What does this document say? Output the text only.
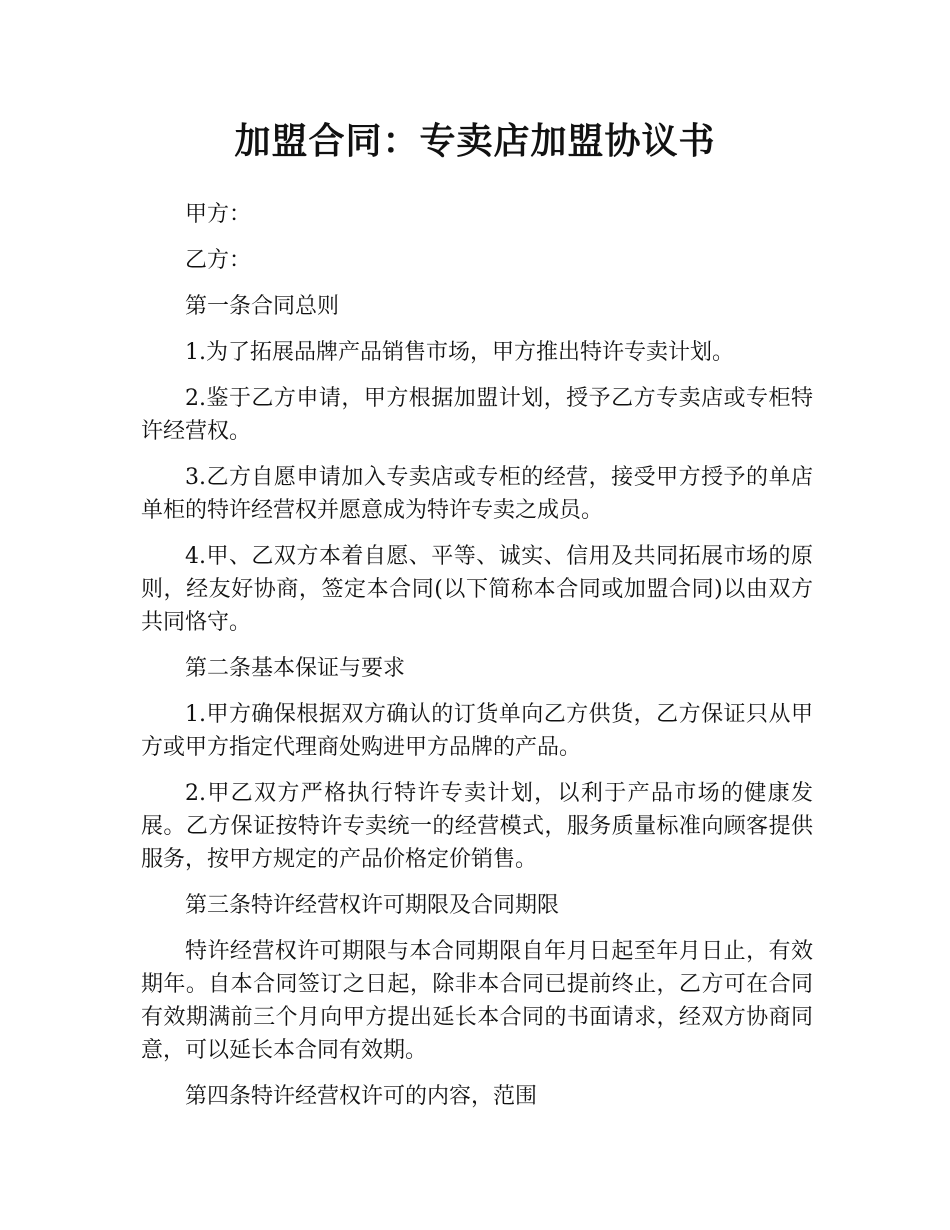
加盟合同：专卖店加盟协议书

甲方：

乙方：

第一条合同总则

1.为了拓展品牌产品销售市场，甲方推出特许专卖计划。

2.鉴于乙方申请，甲方根据加盟计划，授予乙方专卖店或专柜特许经营权。

3.乙方自愿申请加入专卖店或专柜的经营，接受甲方授予的单店单柜的特许经营权并愿意成为特许专卖之成员。

4.甲、乙双方本着自愿、平等、诚实、信用及共同拓展市场的原则，经友好协商，签定本合同(以下简称本合同或加盟合同)以由双方共同恪守。

第二条基本保证与要求

1.甲方确保根据双方确认的订货单向乙方供货，乙方保证只从甲方或甲方指定代理商处购进甲方品牌的产品。

2.甲乙双方严格执行特许专卖计划，以利于产品市场的健康发展。乙方保证按特许专卖统一的经营模式，服务质量标准向顾客提供服务，按甲方规定的产品价格定价销售。

第三条特许经营权许可期限及合同期限

特许经营权许可期限与本合同期限自年月日起至年月日止，有效期年。自本合同签订之日起，除非本合同已提前终止，乙方可在合同有效期满前三个月向甲方提出延长本合同的书面请求，经双方协商同意，可以延长本合同有效期。

第四条特许经营权许可的内容，范围
